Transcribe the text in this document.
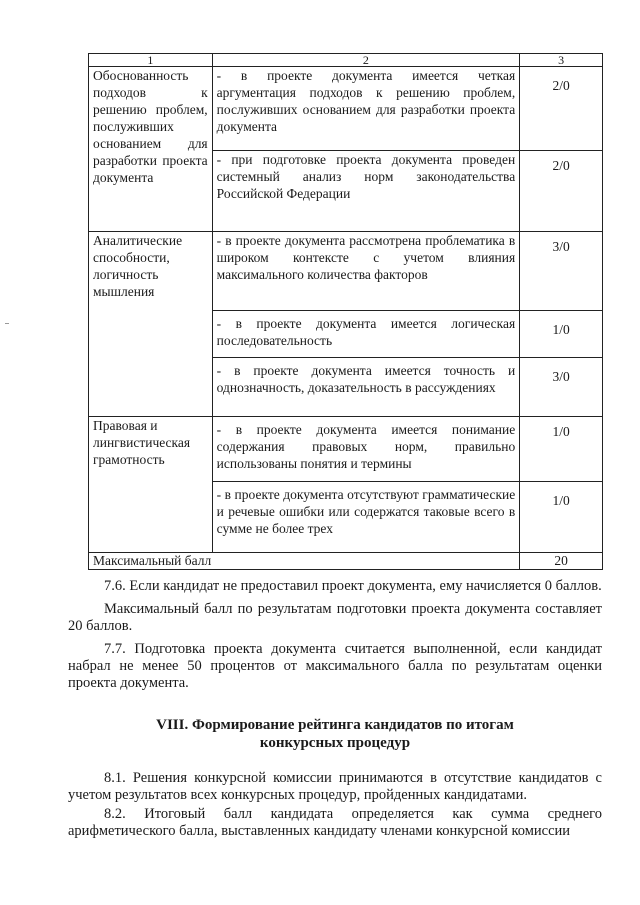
1	2	3

Обоснованность подходов к решению проблем, послуживших основанием для разработки проекта документа	- в проекте документа имеется четкая аргументация подходов к решению проблем, послуживших основанием для разработки проекта документа	2/0
	- при подготовке проекта документа проведен системный анализ норм законодательства Российской Федерации	2/0

Аналитические способности, логичность мышления	- в проекте документа рассмотрена проблематика в широком контексте с учетом влияния максимального количества факторов	3/0
	- в проекте документа имеется логическая последовательность	1/0
	- в проекте документа имеется точность и однозначность, доказательность в рассуждениях	3/0

Правовая и лингвистическая грамотность	- в проекте документа имеется понимание содержания правовых норм, правильно использованы понятия и термины	1/0
	- в проекте документа отсутствуют грамматические и речевые ошибки или содержатся таковые всего в сумме не более трех	1/0
Максимальный балл		20

7.6. Если кандидат не предоставил проект документа, ему начисляется 0 баллов.

Максимальный балл по результатам подготовки проекта документа составляет 20 баллов.

7.7. Подготовка проекта документа считается выполненной, если кандидат набрал не менее 50 процентов от максимального балла по результатам оценки проекта документа.

VIII. Формирование рейтинга кандидатов по итогам
конкурсных процедур

8.1. Решения конкурсной комиссии принимаются в отсутствие кандидатов с учетом результатов всех конкурсных процедур, пройденных кандидатами.

8.2. Итоговый балл кандидата определяется как сумма среднего арифметического балла, выставленных кандидату членами конкурсной комиссии
